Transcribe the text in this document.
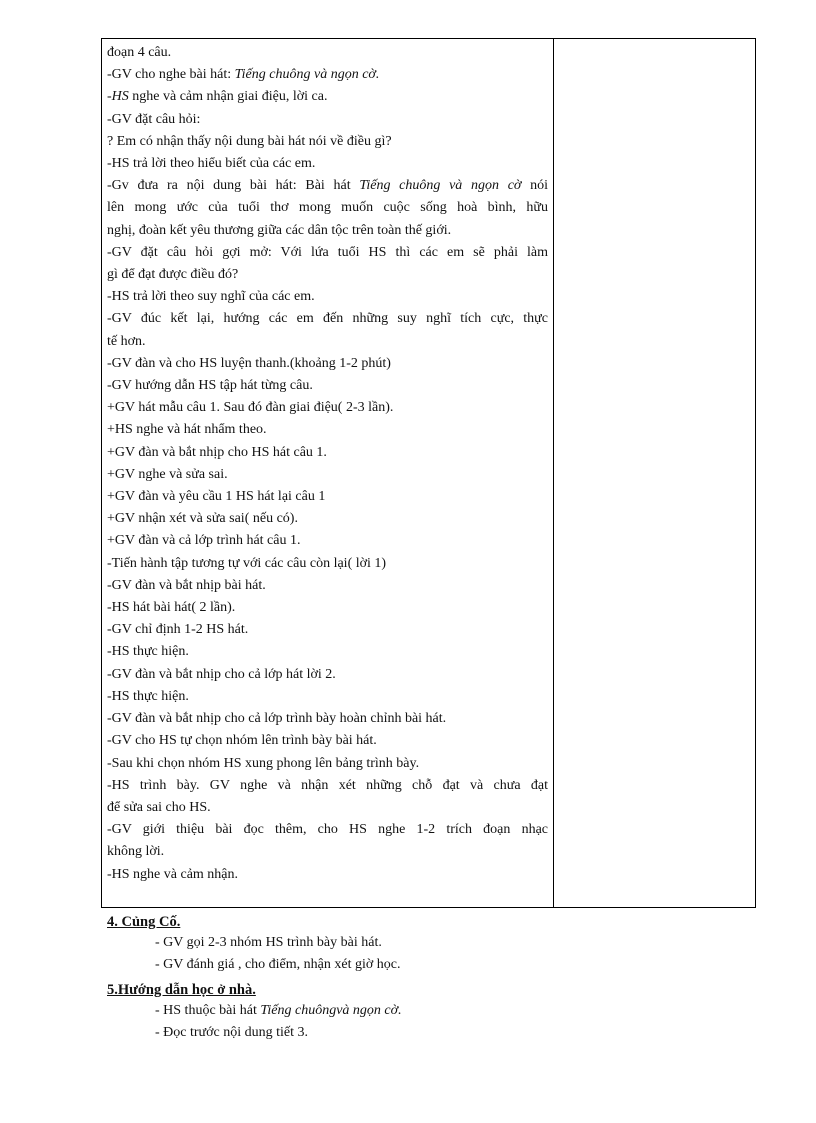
đoạn 4 câu.
-GV cho nghe bài hát: Tiếng chuông và ngọn cờ.
-HS nghe và cảm nhận giai điệu, lời ca.
-GV đặt câu hỏi:
? Em có nhận thấy nội dung bài hát nói về điều gì?
-HS trả lời theo hiểu biết của các em.
-Gv đưa ra nội dung bài hát: Bài hát Tiếng chuông và ngọn cờ nói
lên mong ước của tuổi thơ mong muốn cuộc sống hoà bình, hữu
nghị, đoàn kết yêu thương giữa các dân tộc trên toàn thế giới.
-GV đặt câu hỏi gợi mở: Với lứa tuổi HS thì các em sẽ phải làm
gì để đạt được điều đó?
-HS trả lời theo suy nghĩ của các em.
-GV đúc kết lại, hướng các em đến những suy nghĩ tích cực, thực
tế hơn.
-GV đàn và cho HS luyện thanh.(khoảng 1-2 phút)
-GV hướng dẫn HS tập hát từng câu.
+GV hát mẫu câu 1. Sau đó đàn giai điệu( 2-3 lần).
+HS nghe và hát nhẩm theo.
+GV đàn và bắt nhịp cho HS hát câu 1.
+GV nghe và sửa sai.
+GV đàn và yêu cầu 1 HS hát lại câu 1
+GV nhận xét và sửa sai( nếu có).
+GV đàn và cả lớp trình hát câu 1.
-Tiến hành tập tương tự với các câu còn lại( lời 1)
-GV đàn và bắt nhịp bài hát.
-HS hát bài hát( 2 lần).
-GV chỉ định 1-2 HS hát.
-HS thực hiện.
-GV đàn và bắt nhịp cho cả lớp hát lời 2.
-HS thực hiện.
-GV đàn và bắt nhịp cho cả lớp trình bày hoàn chỉnh bài hát.
-GV cho HS tự chọn nhóm lên trình bày bài hát.
-Sau khi chọn nhóm HS xung phong lên bảng trình bày.
-HS trình bày. GV nghe và nhận xét những chỗ đạt và chưa đạt
để sửa sai cho HS.
-GV giới thiệu bài đọc thêm, cho HS nghe 1-2 trích đoạn nhạc
không lời.
-HS nghe và cảm nhận.
4. Củng Cố.
- GV gọi 2-3 nhóm HS trình bày bài hát.
- GV đánh giá , cho điểm, nhận xét giờ học.
5.Hướng dẫn học ở nhà.
- HS thuộc bài hát Tiếng chuôngvà ngọn cờ.
- Đọc trước nội dung tiết 3.
